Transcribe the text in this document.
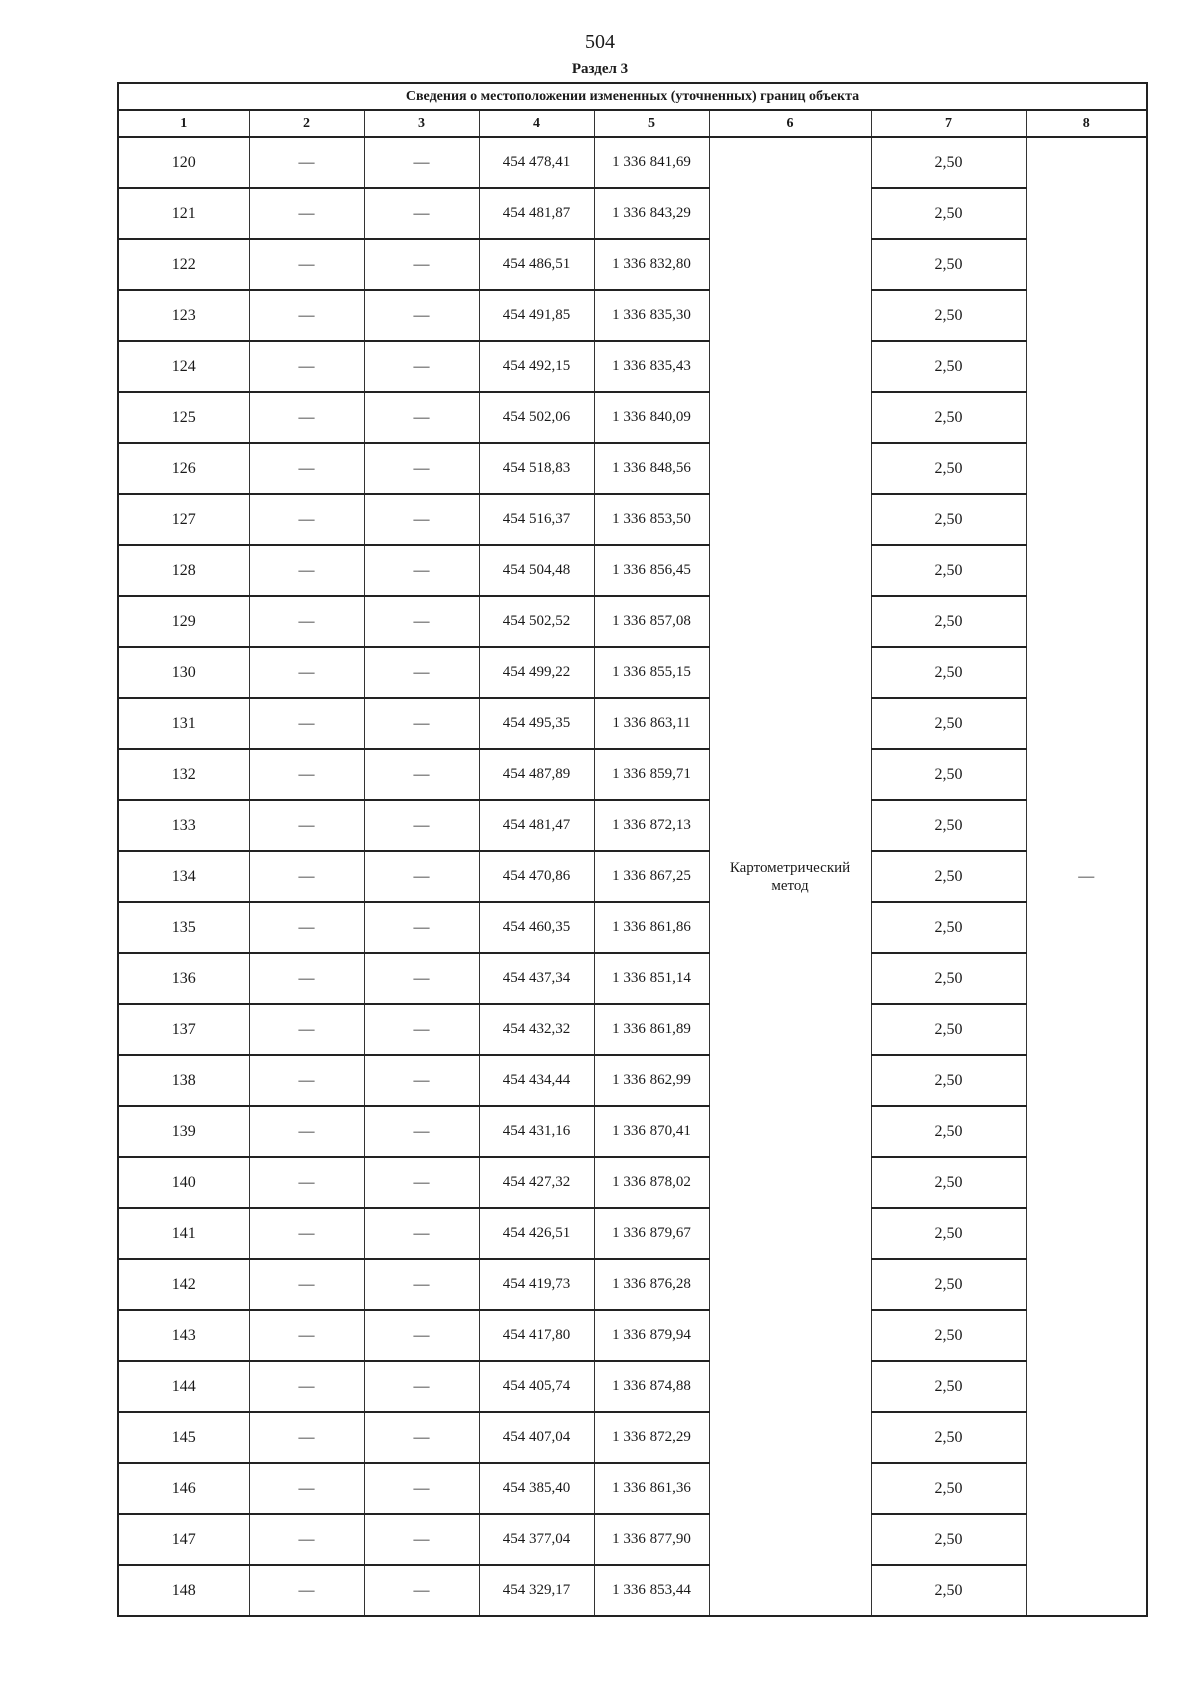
504
Раздел 3
Сведения о местоположении измененных (уточненных) границ объекта							
1	2	3	4	5	6	7	8
120	—	—	454 478,41	1 336 841,69	Картометрический метод	2,50	—
121	—	—	454 481,87	1 336 843,29		2,50	
122	—	—	454 486,51	1 336 832,80		2,50	
123	—	—	454 491,85	1 336 835,30		2,50	
124	—	—	454 492,15	1 336 835,43		2,50	
125	—	—	454 502,06	1 336 840,09		2,50	
126	—	—	454 518,83	1 336 848,56		2,50	
127	—	—	454 516,37	1 336 853,50		2,50	
128	—	—	454 504,48	1 336 856,45		2,50	
129	—	—	454 502,52	1 336 857,08		2,50	
130	—	—	454 499,22	1 336 855,15		2,50	
131	—	—	454 495,35	1 336 863,11		2,50	
132	—	—	454 487,89	1 336 859,71		2,50	
133	—	—	454 481,47	1 336 872,13		2,50	
134	—	—	454 470,86	1 336 867,25		2,50	
135	—	—	454 460,35	1 336 861,86		2,50	
136	—	—	454 437,34	1 336 851,14		2,50	
137	—	—	454 432,32	1 336 861,89		2,50	
138	—	—	454 434,44	1 336 862,99		2,50	
139	—	—	454 431,16	1 336 870,41		2,50	
140	—	—	454 427,32	1 336 878,02		2,50	
141	—	—	454 426,51	1 336 879,67		2,50	
142	—	—	454 419,73	1 336 876,28		2,50	
143	—	—	454 417,80	1 336 879,94		2,50	
144	—	—	454 405,74	1 336 874,88		2,50	
145	—	—	454 407,04	1 336 872,29		2,50	
146	—	—	454 385,40	1 336 861,36		2,50	
147	—	—	454 377,04	1 336 877,90		2,50	
148	—	—	454 329,17	1 336 853,44		2,50	
